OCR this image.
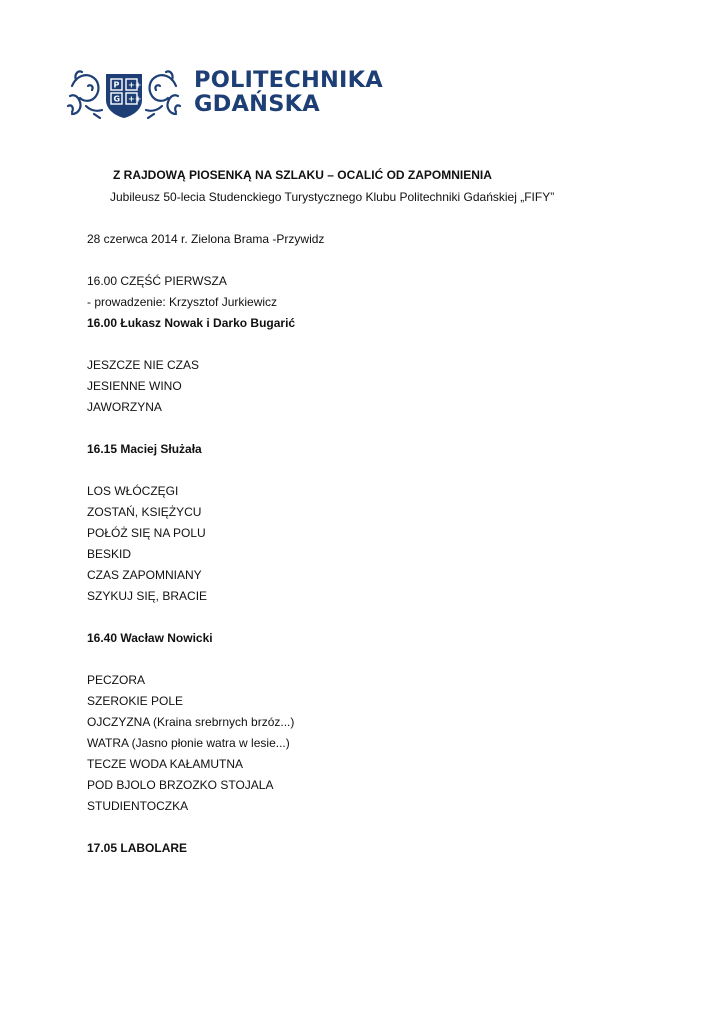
P
G
++
++
POLITECHNIKA
GDAŃSKA
Z RAJDOWĄ PIOSENKĄ NA SZLAKU – OCALIĆ OD ZAPOMNIENIA
Jubileusz 50-lecia Studenckiego Turystycznego Klubu Politechniki Gdańskiej „FIFY”
28 czerwca 2014 r. Zielona Brama -Przywidz
16.00 CZĘŚĆ PIERWSZA
- prowadzenie: Krzysztof Jurkiewicz
16.00 Łukasz Nowak i Darko Bugarić
JESZCZE NIE CZAS
JESIENNE WINO
JAWORZYNA
16.15 Maciej Służała
LOS WŁÓCZĘGI
ZOSTAŃ, KSIĘŻYCU
POŁÓŻ SIĘ NA POLU
BESKID
CZAS ZAPOMNIANY
SZYKUJ SIĘ, BRACIE
16.40 Wacław Nowicki
PECZORA
SZEROKIE POLE
OJCZYZNA (Kraina srebrnych brzóz...)
WATRA (Jasno płonie watra w lesie...)
TECZE WODA KAŁAMUTNA
POD BJOLO BRZOZKO STOJALA
STUDIENTOCZKA
17.05 LABOLARE
